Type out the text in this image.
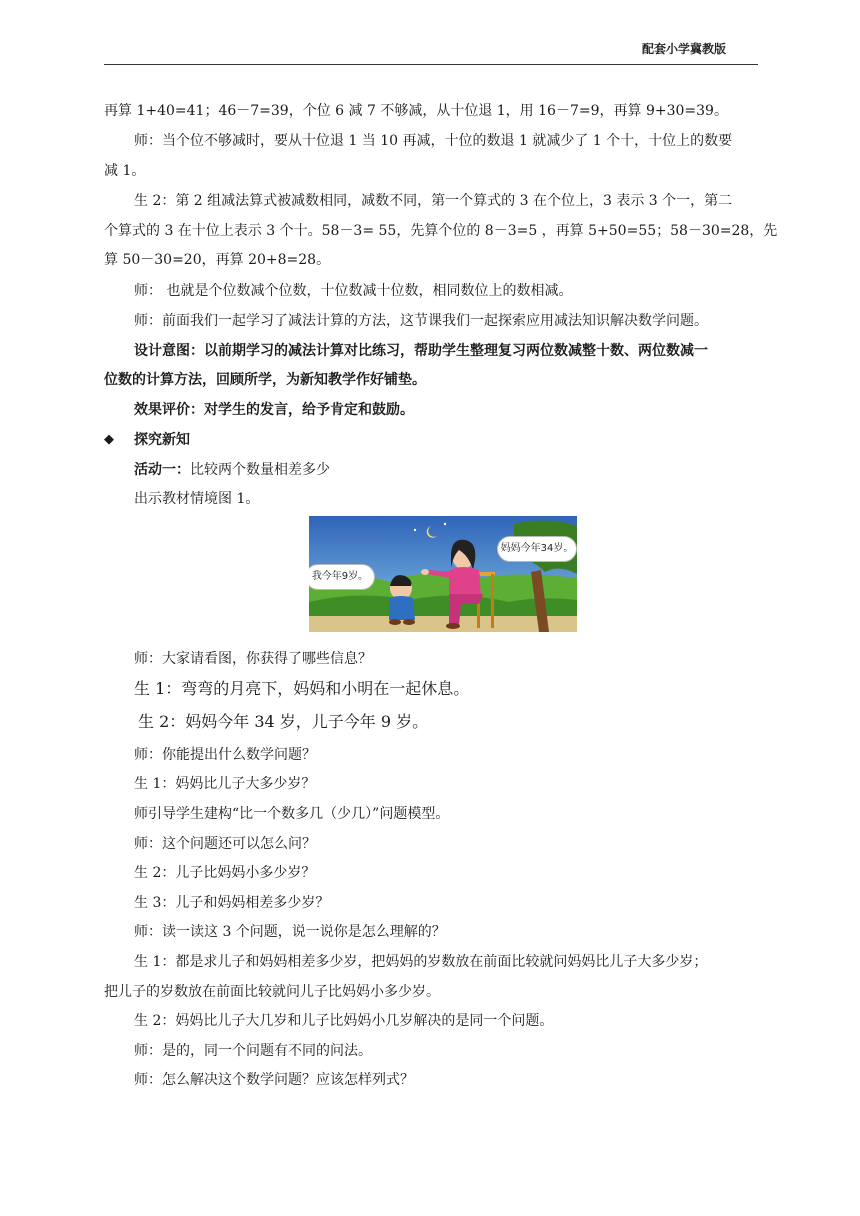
配套小学冀教版
再算 1+40=41；46－7=39，个位 6 减 7 不够减，从十位退 1，用 16－7=9，再算 9+30=39。
师：当个位不够减时，要从十位退 1 当 10 再减，十位的数退 1 就减少了 1 个十，十位上的数要
减 1。
生 2：第 2 组减法算式被减数相同，减数不同，第一个算式的 3 在个位上，3 表示 3 个一，第二
个算式的 3 在十位上表示 3 个十。58－3= 55，先算个位的 8－3=5 ，再算 5+50=55；58－30=28，先
算 50－30=20，再算 20+8=28。
师： 也就是个位数减个位数，十位数减十位数，相同数位上的数相减。
师：前面我们一起学习了减法计算的方法，这节课我们一起探索应用减法知识解决数学问题。
设计意图：以前期学习的减法计算对比练习，帮助学生整理复习两位数减整十数、两位数减一
位数的计算方法，回顾所学，为新知教学作好铺垫。
效果评价：对学生的发言，给予肯定和鼓励。
◆ 探究新知
活动一：比较两个数量相差多少
出示教材情境图 1。
妈妈今年34岁。
我今年9岁。
师：大家请看图，你获得了哪些信息？
生 1：弯弯的月亮下，妈妈和小明在一起休息。
生 2：妈妈今年 34 岁，儿子今年 9 岁。
师：你能提出什么数学问题？
生 1：妈妈比儿子大多少岁？
师引导学生建构“比一个数多几（少几）”问题模型。
师：这个问题还可以怎么问？
生 2：儿子比妈妈小多少岁？
生 3：儿子和妈妈相差多少岁？
师：读一读这 3 个问题，说一说你是怎么理解的？
生 1：都是求儿子和妈妈相差多少岁，把妈妈的岁数放在前面比较就问妈妈比儿子大多少岁；
把儿子的岁数放在前面比较就问儿子比妈妈小多少岁。
生 2：妈妈比儿子大几岁和儿子比妈妈小几岁解决的是同一个问题。
师：是的，同一个问题有不同的问法。
师：怎么解决这个数学问题？应该怎样列式？
